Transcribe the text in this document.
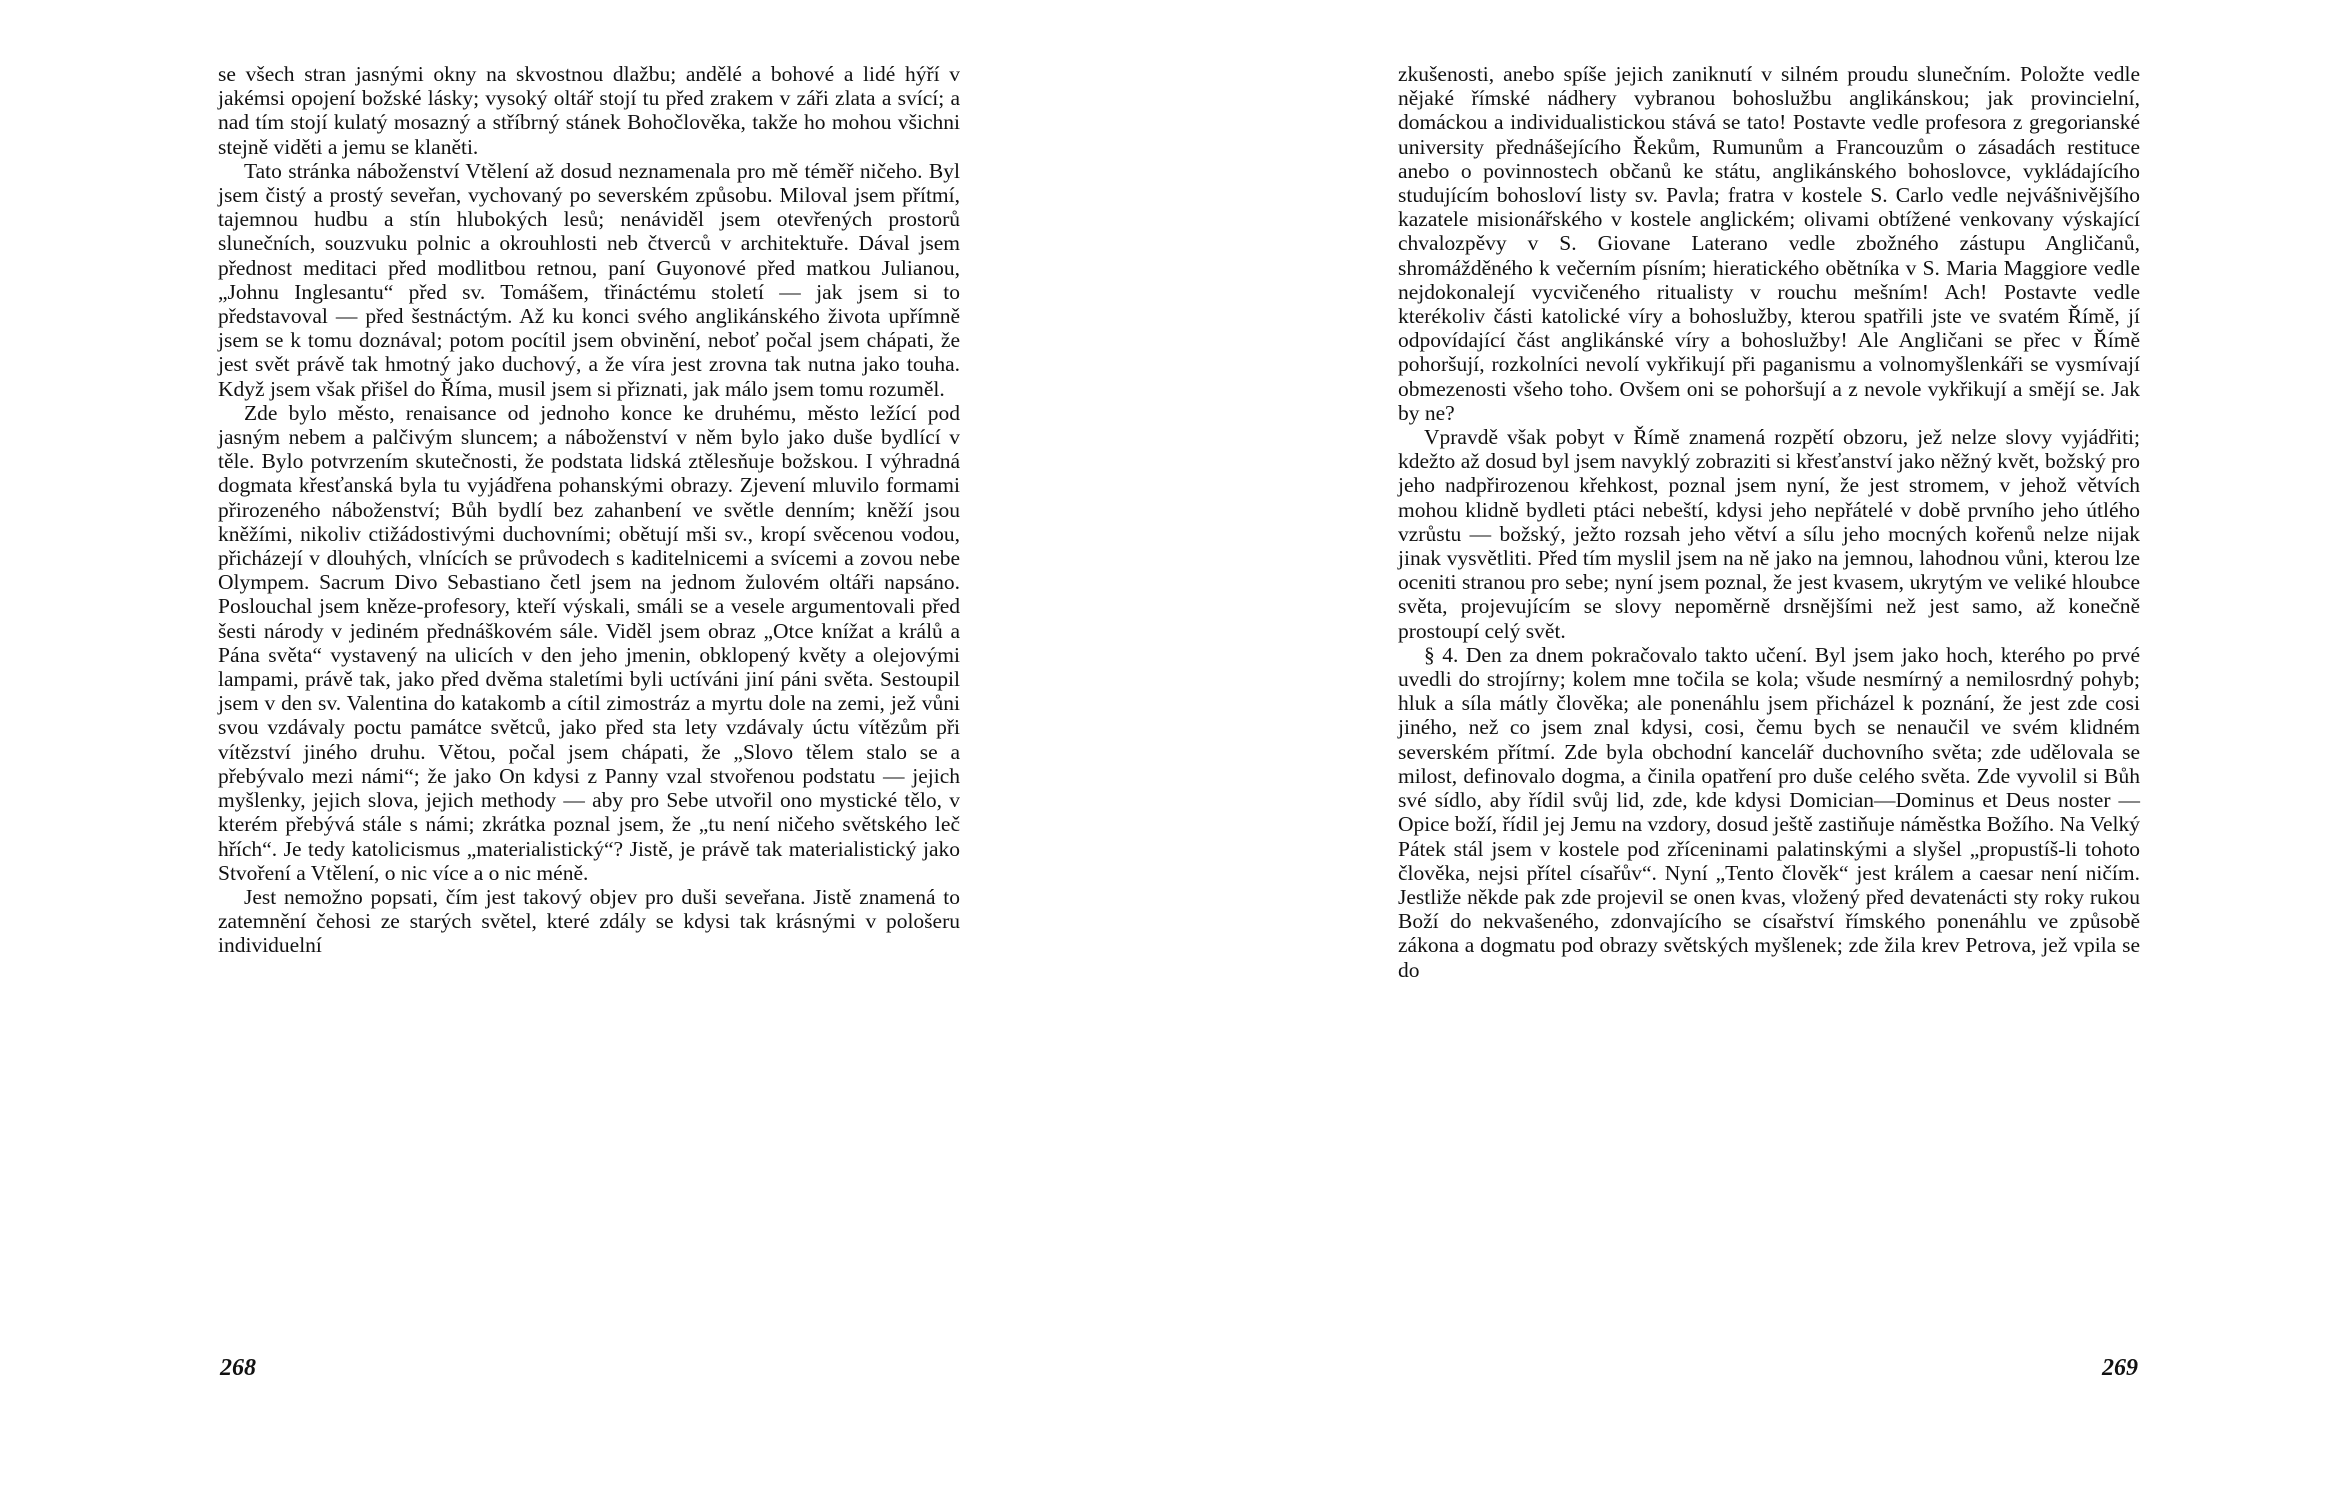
se všech stran jasnými okny na skvostnou dlažbu; andělé a bohové a lidé hýří v jakémsi opojení božské lásky; vysoký oltář stojí tu před zrakem v záři zlata a svící; a nad tím stojí kulatý mosazný a stříbrný stánek Bohočlověka, takže ho mohou všichni stejně viděti a jemu se klaněti.

Tato stránka náboženství Vtělení až dosud neznamenala pro mě téměř ničeho. Byl jsem čistý a prostý seveřan, vychovaný po severském způsobu. Miloval jsem přítmí, tajemnou hudbu a stín hlubokých lesů; nenáviděl jsem otevřených prostorů slunečních, souzvuku polnic a okrouhlosti neb čtverců v architektuře. Dával jsem přednost meditaci před modlitbou retnou, paní Guyonové před matkou Julianou, „Johnu Inglesantu“ před sv. Tomášem, třináctému století — jak jsem si to představoval — před šestnáctým. Až ku konci svého anglikánského života upřímně jsem se k tomu doznával; potom pocítil jsem obvinění, neboť počal jsem chápati, že jest svět právě tak hmotný jako duchový, a že víra jest zrovna tak nutna jako touha. Když jsem však přišel do Říma, musil jsem si přiznati, jak málo jsem tomu rozuměl.

Zde bylo město, renaisance od jednoho konce ke druhému, město ležící pod jasným nebem a palčivým sluncem; a náboženství v něm bylo jako duše bydlící v těle. Bylo potvrzením skutečnosti, že podstata lidská ztělesňuje božskou. I výhradná dogmata křesťanská byla tu vyjádřena pohanskými obrazy. Zjevení mluvilo formami přirozeného náboženství; Bůh bydlí bez zahanbení ve světle denním; kněží jsou kněžími, nikoliv ctižádostivými duchovními; obětují mši sv., kropí svěcenou vodou, přicházejí v dlouhých, vlnících se průvodech s kaditelnicemi a svícemi a zovou nebe Olympem. Sacrum Divo Sebastiano četl jsem na jednom žulovém oltáři napsáno. Poslouchal jsem kněze-profesory, kteří výskali, smáli se a vesele argumentovali před šesti národy v jediném přednáškovém sále. Viděl jsem obraz „Otce knížat a králů a Pána světa“ vystavený na ulicích v den jeho jmenin, obklopený květy a olejovými lampami, právě tak, jako před dvěma staletími byli uctíváni jiní páni světa. Sestoupil jsem v den sv. Valentina do katakomb a cítil zimostráz a myrtu dole na zemi, jež vůni svou vzdávaly poctu památce světců, jako před sta lety vzdávaly úctu vítězům při vítězství jiného druhu. Větou, počal jsem chápati, že „Slovo tělem stalo se a přebývalo mezi námi“; že jako On kdysi z Panny vzal stvořenou podstatu — jejich myšlenky, jejich slova, jejich methody — aby pro Sebe utvořil ono mystické tělo, v kterém přebývá stále s námi; zkrátka poznal jsem, že „tu není ničeho světského leč hřích“. Je tedy katolicismus „materialistický“? Jistě, je právě tak materialistický jako Stvoření a Vtělení, o nic více a o nic méně.

Jest nemožno popsati, čím jest takový objev pro duši seveřana. Jistě znamená to zatemnění čehosi ze starých světel, které zdály se kdysi tak krásnými v pološeru individuelní

268

zkušenosti, anebo spíše jejich zaniknutí v silném proudu slunečním. Položte vedle nějaké římské nádhery vybranou bohoslužbu anglikánskou; jak provincielní, domáckou a individualistickou stává se tato! Postavte vedle profesora z gregorianské university přednášejícího Řekům, Rumunům a Francouzům o zásadách restituce anebo o povinnostech občanů ke státu, anglikánského bohoslovce, vykládajícího studujícím bohosloví listy sv. Pavla; fratra v kostele S. Carlo vedle nejvášnivějšího kazatele misionářského v kostele anglickém; olivami obtížené venkovany výskající chvalozpěvy v S. Giovane Laterano vedle zbožného zástupu Angličanů, shromážděného k večerním písním; hieratického obětníka v S. Maria Maggiore vedle nejdokonalejí vycvičeného ritualisty v rouchu mešním! Ach! Postavte vedle kterékoliv části katolické víry a bohoslužby, kterou spatřili jste ve svatém Římě, jí odpovídající část anglikánské víry a bohoslužby! Ale Angličani se přec v Římě pohoršují, rozkolníci nevolí vykřikují při paganismu a volnomyšlenkáři se vysmívají obmezenosti všeho toho. Ovšem oni se pohoršují a z nevole vykřikují a smějí se. Jak by ne?

Vpravdě však pobyt v Římě znamená rozpětí obzoru, jež nelze slovy vyjádřiti; kdežto až dosud byl jsem navyklý zobraziti si křesťanství jako něžný květ, božský pro jeho nadpřirozenou křehkost, poznal jsem nyní, že jest stromem, v jehož větvích mohou klidně bydleti ptáci nebeští, kdysi jeho nepřátelé v době prvního jeho útlého vzrůstu — božský, ježto rozsah jeho větví a sílu jeho mocných kořenů nelze nijak jinak vysvětliti. Před tím myslil jsem na ně jako na jemnou, lahodnou vůni, kterou lze oceniti stranou pro sebe; nyní jsem poznal, že jest kvasem, ukrytým ve veliké hloubce světa, projevujícím se slovy nepoměrně drsnějšími než jest samo, až konečně prostoupí celý svět.

§ 4. Den za dnem pokračovalo takto učení. Byl jsem jako hoch, kterého po prvé uvedli do strojírny; kolem mne točila se kola; všude nesmírný a nemilosrdný pohyb; hluk a síla mátly člověka; ale ponenáhlu jsem přicházel k poznání, že jest zde cosi jiného, než co jsem znal kdysi, cosi, čemu bych se nenaučil ve svém klidném severském přítmí. Zde byla obchodní kancelář duchovního světa; zde udělovala se milost, definovalo dogma, a činila opatření pro duše celého světa. Zde vyvolil si Bůh své sídlo, aby řídil svůj lid, zde, kde kdysi Domician—Dominus et Deus noster — Opice boží, řídil jej Jemu na vzdory, dosud ještě zastiňuje náměstka Božího. Na Velký Pátek stál jsem v kostele pod zříceninami palatinskými a slyšel „propustíš-li tohoto člověka, nejsi přítel císařův“. Nyní „Tento člověk“ jest králem a caesar není ničím. Jestliže někde pak zde projevil se onen kvas, vložený před devatenácti sty roky rukou Boží do nekvašeného, zdonvajícího se císařství římského ponenáhlu ve způsobě zákona a dogmatu pod obrazy světských myšlenek; zde žila krev Petrova, jež vpila se do

269
